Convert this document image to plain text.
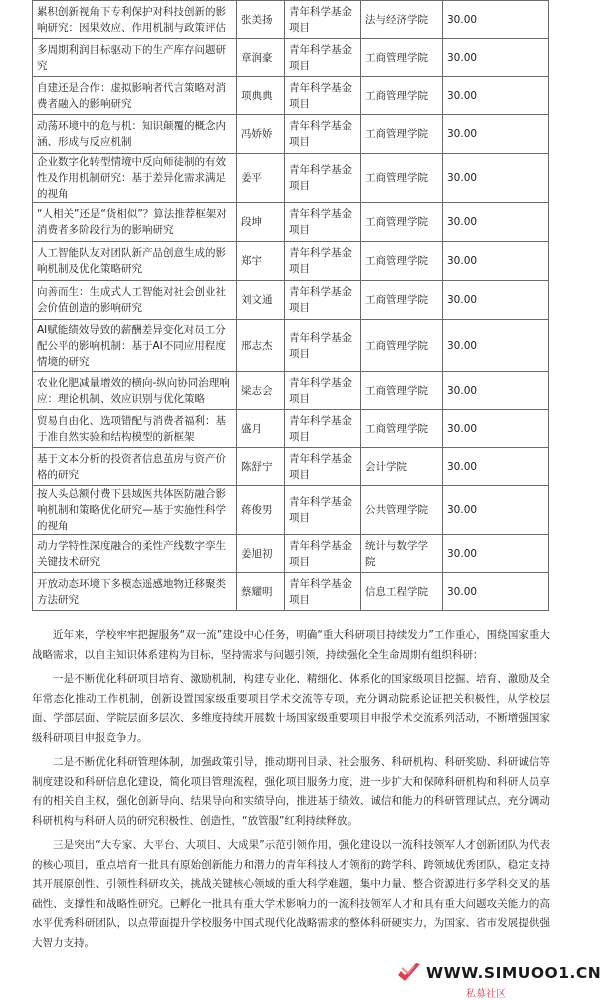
累积创新视角下专利保护对科技创新的影响研究：因果效应、作用机制与政策评估	张美扬	青年科学基金项目	法与经济学院	30.00
多周期利润目标驱动下的生产库存问题研究	章润豪	青年科学基金项目	工商管理学院	30.00
自建还是合作：虚拟影响者代言策略对消费者融入的影响研究	项典典	青年科学基金项目	工商管理学院	30.00
动荡环境中的危与机：知识颠覆的概念内涵、形成与反应机制	冯娇娇	青年科学基金项目	工商管理学院	30.00
企业数字化转型情境中反向师徒制的有效性及作用机制研究：基于差异化需求满足的视角	姜平	青年科学基金项目	工商管理学院	30.00
“人相关”还是“货相似”？算法推荐框架对消费者多阶段行为的影响研究	段坤	青年科学基金项目	工商管理学院	30.00
人工智能队友对团队新产品创意生成的影响机制及优化策略研究	郑宇	青年科学基金项目	工商管理学院	30.00
向善而生：生成式人工智能对社会创业社会价值创造的影响研究	刘文通	青年科学基金项目	工商管理学院	30.00
AI赋能绩效导致的薪酬差异变化对员工分配公平的影响机制：基于AI不同应用程度情境的研究	邢志杰	青年科学基金项目	工商管理学院	30.00
农业化肥减量增效的横向-纵向协同治理响应：理论机制、效应识别与优化策略	梁志会	青年科学基金项目	工商管理学院	30.00
贸易自由化、选项错配与消费者福利：基于准自然实验和结构模型的新框架	盛月	青年科学基金项目	工商管理学院	30.00
基于文本分析的投资者信息茧房与资产价格的研究	陈舒宁	青年科学基金项目	会计学院	30.00
按人头总额付费下县域医共体医防融合影响机制和策略优化研究—基于实施性科学的视角	蒋俊男	青年科学基金项目	公共管理学院	30.00
动力学特性深度融合的柔性产线数字孪生关键技术研究	姜旭初	青年科学基金项目	统计与数学学院	30.00
开放动态环境下多模态遥感地物迁移聚类方法研究	蔡耀明	青年科学基金项目	信息工程学院	30.00

近年来，学校牢牢把握服务“双一流”建设中心任务，明确“重大科研项目持续发力”工作重心，围绕国家重大战略需求，以自主知识体系建构为目标，坚持需求与问题引领，持续强化全生命周期有组织科研：

一是不断优化科研项目培育、激励机制，构建专业化、精细化、体系化的国家级项目挖掘、培育、激励及全年常态化推动工作机制，创新设置国家级重要项目学术交流等专项，充分调动院系论证把关积极性，从学校层面、学部层面、学院层面多层次、多维度持续开展数十场国家级重要项目申报学术交流系列活动，不断增强国家级科研项目申报竞争力。

二是不断优化科研管理体制，加强政策引导，推动期刊目录、社会服务、科研机构、科研奖励、科研诚信等制度建设和科研信息化建设，简化项目管理流程，强化项目服务力度，进一步扩大和保障科研机构和科研人员享有的相关自主权，强化创新导向、结果导向和实绩导向，推进基于绩效、诚信和能力的科研管理试点，充分调动科研机构与科研人员的研究积极性、创造性，“放管服”红利持续释放。

三是突出“大专家、大平台、大项目、大成果”示范引领作用，强化建设以一流科技领军人才创新团队为代表的核心项目，重点培育一批具有原始创新能力和潜力的青年科技人才领衔的跨学科、跨领域优秀团队，稳定支持其开展原创性、引领性科研攻关，挑战关键核心领域的重大科学难题，集中力量、整合资源进行多学科交叉的基础性、支撑性和战略性研究。已孵化一批具有重大学术影响力的一流科技领军人才和具有重大问题攻关能力的高水平优秀科研团队，以点带面提升学校服务中国式现代化战略需求的整体科研硬实力，为国家、省市发展提供强大智力支持。

WWW.SIMUOO1.CN
私募社区
